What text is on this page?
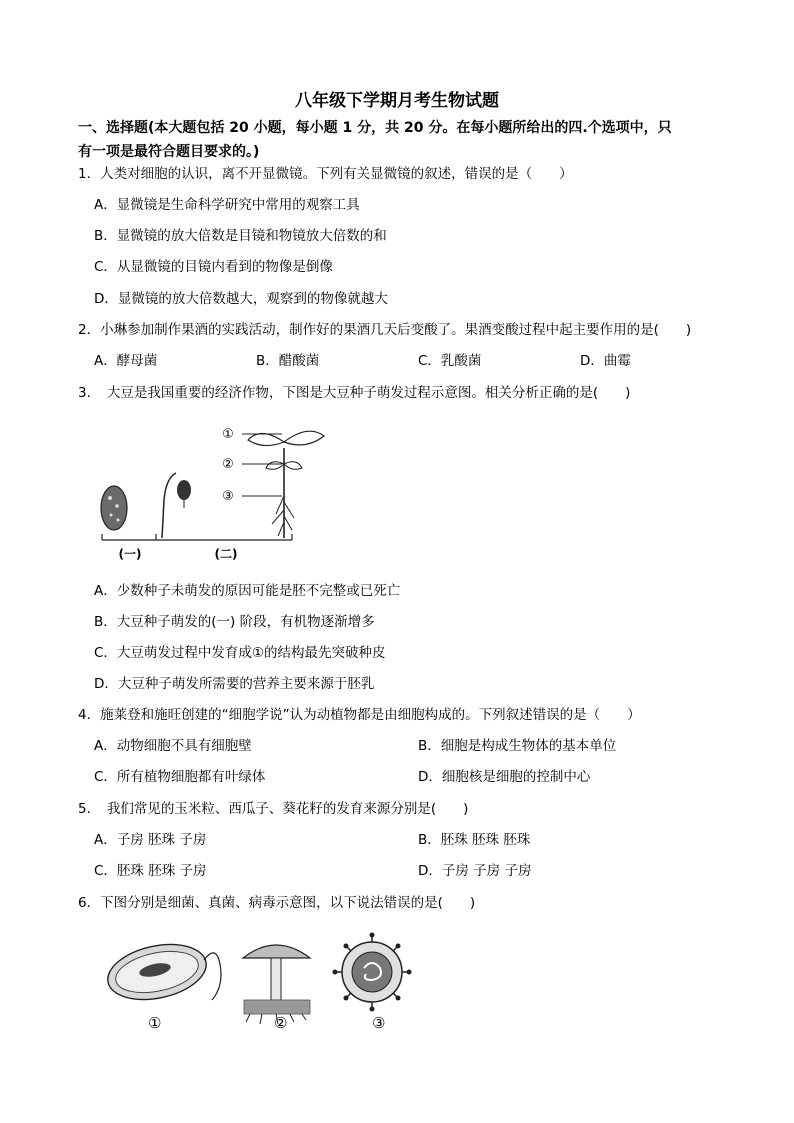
八年级下学期月考生物试题
一、选择题(本大题包括 20 小题，每小题 1 分，共 20 分。在每小题所给出的四.个选项中，只
有一项是最符合题目要求的。)
1．人类对细胞的认识，离不开显微镜。下列有关显微镜的叙述，错误的是（　　）
A．显微镜是生命科学研究中常用的观察工具
B．显微镜的放大倍数是目镜和物镜放大倍数的和
C．从显微镜的目镜内看到的物像是倒像
D．显微镜的放大倍数越大，观察到的物像就越大
2．小琳参加制作果酒的实践活动，制作好的果酒几天后变酸了。果酒变酸过程中起主要作用的是(　　)
A．酵母菌	B．醋酸菌	C．乳酸菌	D．曲霉
3．　大豆是我国重要的经济作物，下图是大豆种子萌发过程示意图。相关分析正确的是(　　)
①
②
③
(一)	(二)
A．少数种子未萌发的原因可能是胚不完整或已死亡
B．大豆种子萌发的(一) 阶段，有机物逐渐增多
C．大豆萌发过程中发育成①的结构最先突破种皮
D．大豆种子萌发所需要的营养主要来源于胚乳
4．施莱登和施旺创建的“细胞学说”认为动植物都是由细胞构成的。下列叙述错误的是（　　）
A．动物细胞不具有细胞壁	B．细胞是构成生物体的基本单位
C．所有植物细胞都有叶绿体	D．细胞核是细胞的控制中心
5．　我们常见的玉米粒、西瓜子、葵花籽的发育来源分别是(　　)
A．子房 胚珠 子房	B．胚珠 胚珠 胚珠
C．胚珠 胚珠 子房	D．子房 子房 子房
6．下图分别是细菌、真菌、病毒示意图，以下说法错误的是(　　)
①	②	③
